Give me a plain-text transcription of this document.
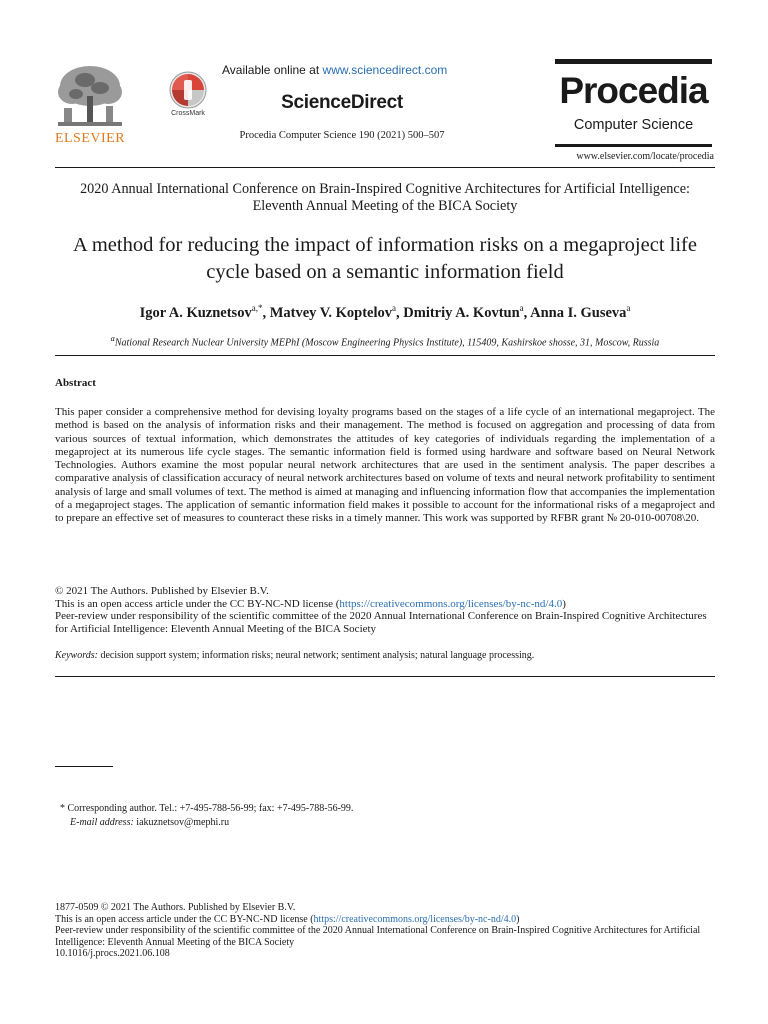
ELSEVIER
CrossMark
Available online at www.sciencedirect.com
ScienceDirect
Procedia Computer Science 190 (2021) 500–507
Procedia
Computer Science
www.elsevier.com/locate/procedia
2020 Annual International Conference on Brain-Inspired Cognitive Architectures for Artificial Intelligence: Eleventh Annual Meeting of the BICA Society
A method for reducing the impact of information risks on a megaproject life cycle based on a semantic information field
Igor A. Kuznetsov$^{a,*}$, Matvey V. Koptelov$^a$, Dmitriy A. Kovtun$^a$, Anna I. Guseva$^a$
$^a$National Research Nuclear University MEPhI (Moscow Engineering Physics Institute), 115409, Kashirskoe shosse, 31, Moscow, Russia
Abstract
This paper consider a comprehensive method for devising loyalty programs based on the stages of a life cycle of an international megaproject. The method is based on the analysis of information risks and their management. The method is focused on aggregation and processing of data from various sources of textual information, which demonstrates the attitudes of key categories of individuals regarding the implementation of a megaproject at its numerous life cycle stages. The semantic information field is formed using hardware and software based on Neural Network Technologies. Authors examine the most popular neural network architectures that are used in the sentiment analysis. The paper describes a comparative analysis of classification accuracy of neural network architectures based on volume of texts and neural network profitability to sentiment analysis of large and small volumes of text. The method is aimed at managing and influencing information flow that accompanies the implementation of a megaproject stages. The application of semantic information field makes it possible to account for the informational risks of a megaproject and to prepare an effective set of measures to counteract these risks in a timely manner. This work was supported by RFBR grant № 20-010-00708\20.
© 2021 The Authors. Published by Elsevier B.V.
This is an open access article under the CC BY-NC-ND license (https://creativecommons.org/licenses/by-nc-nd/4.0)
Peer-review under responsibility of the scientific committee of the 2020 Annual International Conference on Brain-Inspired Cognitive Architectures for Artificial Intelligence: Eleventh Annual Meeting of the BICA Society
Keywords: decision support system; information risks; neural network; sentiment analysis; natural language processing.
* Corresponding author. Tel.: +7-495-788-56-99; fax: +7-495-788-56-99.
E-mail address: iakuznetsov@mephi.ru
1877-0509 © 2021 The Authors. Published by Elsevier B.V.
This is an open access article under the CC BY-NC-ND license (https://creativecommons.org/licenses/by-nc-nd/4.0)
Peer-review under responsibility of the scientific committee of the 2020 Annual International Conference on Brain-Inspired Cognitive Architectures for Artificial Intelligence: Eleventh Annual Meeting of the BICA Society
10.1016/j.procs.2021.06.108
